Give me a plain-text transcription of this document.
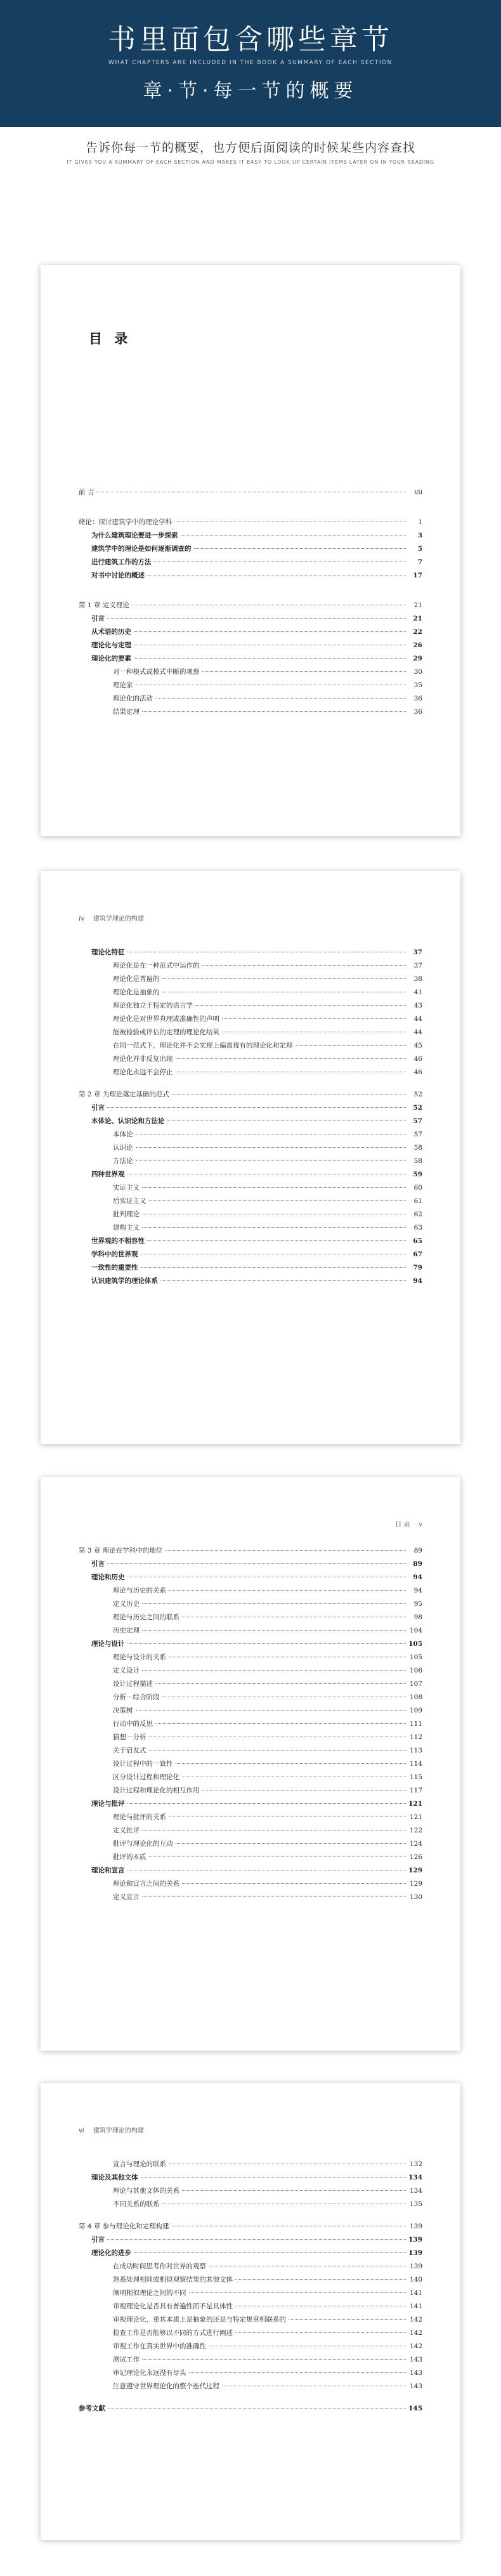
书里面包含哪些章节
WHAT CHAPTERS ARE INCLUDED IN THE BOOK A SUMMARY OF EACH SECTION
章·节·每一节的概要
告诉你每一节的概要，也方便后面阅读的时候某些内容查找
IT GIVES YOU A SUMMARY OF EACH SECTION AND MAKES IT EASY TO LOOK UP CERTAIN ITEMS LATER ON IN YOUR READING
目 录
前 言	vii
绪论：探讨建筑学中的理论学科	1
为什么建筑理论要进一步探索	3
建筑学中的理论是如何逐渐调查的	5
进行建筑工作的方法	7
对书中讨论的概述	17
第 1 章 定义理论	21
引言	21
从术语的历史	22
理论化与定理	26
理论化的要素	29
对一种模式或模式中断的观察	30
理论家	35
理论化的活动	36
结果定理	36
iv 建筑学理论的构建
理论化特征	37
理论化是在一种范式中运作的	37
理论化是普遍的	38
理论化是抽象的	41
理论化独立于特定的语言学	43
理论化是对世界真理或准确性的声明	44
能被检验或评估的定理的理论化结果	44
在同一范式下，理论化并不会实现上偏离现有的理论化和定理	45
理论化并非反复出现	46
理论化永远不会停止	46
第 2 章 为理论奠定基础的范式	52
引言	52
本体论、认识论和方法论	57
本体论	57
认识论	58
方法论	58
四种世界观	59
实证主义	60
后实证主义	61
批判理论	62
建构主义	63
世界观的不相容性	65
学科中的世界观	67
一致性的重要性	79
认识建筑学的理论体系	94
目 录 v
第 3 章 理论在学科中的地位	89
引言	89
理论和历史	94
理论与历史的关系	94
定义历史	95
理论与历史之间的联系	98
历史定理	104
理论与设计	105
理论与设计的关系	105
定义设计	106
设计过程描述	107
分析－综合阶段	108
决策树	109
行动中的反思	111
猜想－分析	112
关于启发式	113
设计过程中的一致性	114
区分设计过程和理论化	115
设计过程和理论化的相互作用	117
理论与批评	121
理论与批评的关系	121
定义批评	122
批评与理论化的互动	124
批评的本质	126
理论和宣言	129
理论和宣言之间的关系	129
定义宣言	130
vi 建筑学理论的构建
宣言与理论的联系	132
理论及其他文体	134
理论与其他文体的关系	134
不同关系的联系	135
第 4 章 参与理论化和定理构建	139
引言	139
理论化的进步	139
在成功时间思考你对世界的观察	139
熟悉处理相同或相似观察结果的其他文体	140
阐明相似理论之间的不同	141
审视理论化是否具有普遍性而不是具体性	141
审视理论化，重其本质上是抽象的还是与特定规章相联系的	142
检查工作是否能够以不同的方式进行阐述	142
审视工作在真实世界中的准确性	142
测试工作	143
审记理论化永远没有尽头	143
注意遵守世界理论化的整个连代过程	143
参考文献	145
